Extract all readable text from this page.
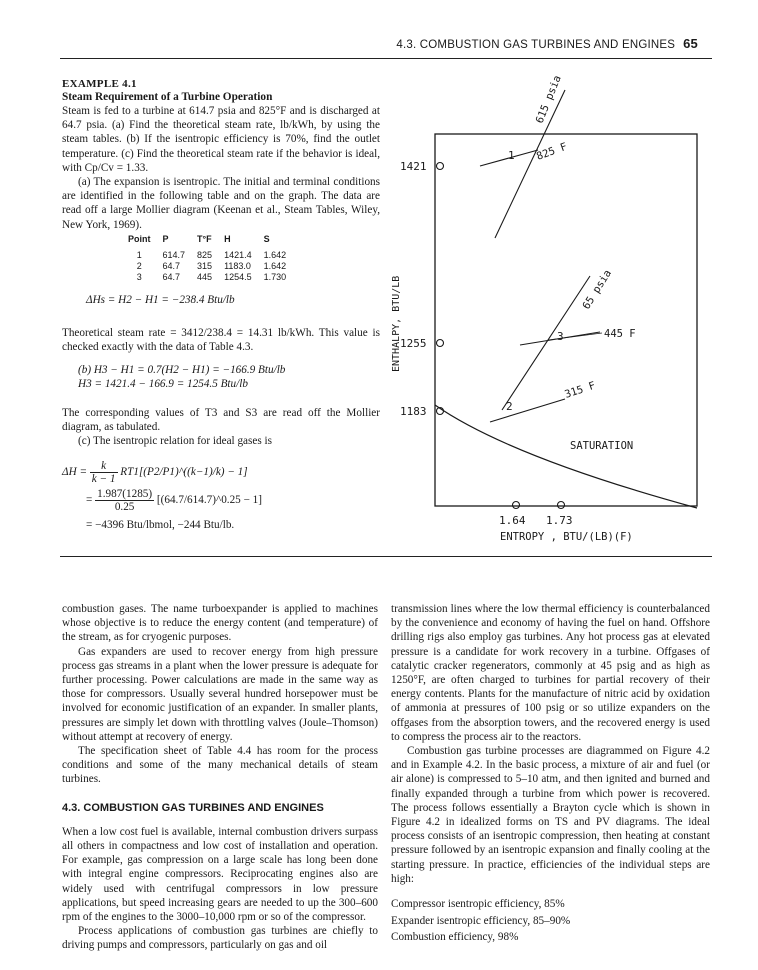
4.3. COMBUSTION GAS TURBINES AND ENGINES 65
EXAMPLE 4.1
Steam Requirement of a Turbine Operation

Steam is fed to a turbine at 614.7 psia and 825°F and is discharged at 64.7 psia. (a) Find the theoretical steam rate, lb/kWh, by using the steam tables. (b) If the isentropic efficiency is 70%, find the outlet temperature. (c) Find the theoretical steam rate if the behavior is ideal, with Cp/Cv = 1.33.

(a) The expansion is isentropic. The initial and terminal conditions are identified in the following table and on the graph. The data are read off a large Mollier diagram (Keenan et al., Steam Tables, Wiley, New York, 1969).

Point	P	T°F	H	S
1	614.7	825	1421.4	1.642
2	64.7	315	1183.0	1.642
3	64.7	445	1254.5	1.730
ΔHs = H2 − H1 = −238.4 Btu/lb
Theoretical steam rate = 3412/238.4 = 14.31 lb/kWh. This value is checked exactly with the data of Table 4.3.
(b) H3 − H1 = 0.7(H2 − H1) = −166.9 Btu/lb
H3 = 1421.4 − 166.9 = 1254.5 Btu/lb

The corresponding values of T3 and S3 are read off the Mollier diagram, as tabulated.

(c) The isentropic relation for ideal gases is

$\Delta H = \frac{k}{k - 1}$ RT1[(P2/P1)^((k−1)/k) − 1]
= $\frac{1.987(1285)}{0.25}$ [(64.7/614.7)^0.25 − 1]
= −4396 Btu/lbmol, −244 Btu/lb.
1
2
3
1421
1255
1183
1.64 1.73
ENTROPY , BTU/(LB)(F)
ENTHALPY, BTU/LB
615 psia
65 psia
825 F
445 F
315 F
SATURATION

combustion gases. The name turboexpander is applied to machines whose objective is to reduce the energy content (and temperature) of the stream, as for cryogenic purposes.

Gas expanders are used to recover energy from high pressure process gas streams in a plant when the lower pressure is adequate for further processing. Power calculations are made in the same way as those for compressors. Usually several hundred horsepower must be involved for economic justification of an expander. In smaller plants, pressures are simply let down with throttling valves (Joule–Thomson) without attempt at recovery of energy.

The specification sheet of Table 4.4 has room for the process conditions and some of the many mechanical details of steam turbines.

4.3. COMBUSTION GAS TURBINES AND ENGINES

When a low cost fuel is available, internal combustion drivers surpass all others in compactness and low cost of installation and operation. For example, gas compression on a large scale has long been done with integral engine compressors. Reciprocating engines also are widely used with centrifugal compressors in low pressure applications, but speed increasing gears are needed to up the 300–600 rpm of the engines to the 3000–10,000 rpm or so of the compressor.

Process applications of combustion gas turbines are chiefly to driving pumps and compressors, particularly on gas and oil

transmission lines where the low thermal efficiency is counterbalanced by the convenience and economy of having the fuel on hand. Offshore drilling rigs also employ gas turbines. Any hot process gas at elevated pressure is a candidate for work recovery in a turbine. Offgases of catalytic cracker regenerators, commonly at 45 psig and as high as 1250°F, are often charged to turbines for partial recovery of their energy contents. Plants for the manufacture of nitric acid by oxidation of ammonia at pressures of 100 psig or so utilize expanders on the offgases from the absorption towers, and the recovered energy is used to compress the process air to the reactors.

Combustion gas turbine processes are diagrammed on Figure 4.2 and in Example 4.2. In the basic process, a mixture of air and fuel (or air alone) is compressed to 5–10 atm, and then ignited and burned and finally expanded through a turbine from which power is recovered. The process follows essentially a Brayton cycle which is shown in Figure 4.2 in idealized forms on TS and PV diagrams. The ideal process consists of an isentropic compression, then heating at constant pressure followed by an isentropic expansion and finally cooling at the starting pressure. In practice, efficiencies of the individual steps are high:

Compressor isentropic efficiency, 85%

Expander isentropic efficiency, 85–90%

Combustion efficiency, 98%
